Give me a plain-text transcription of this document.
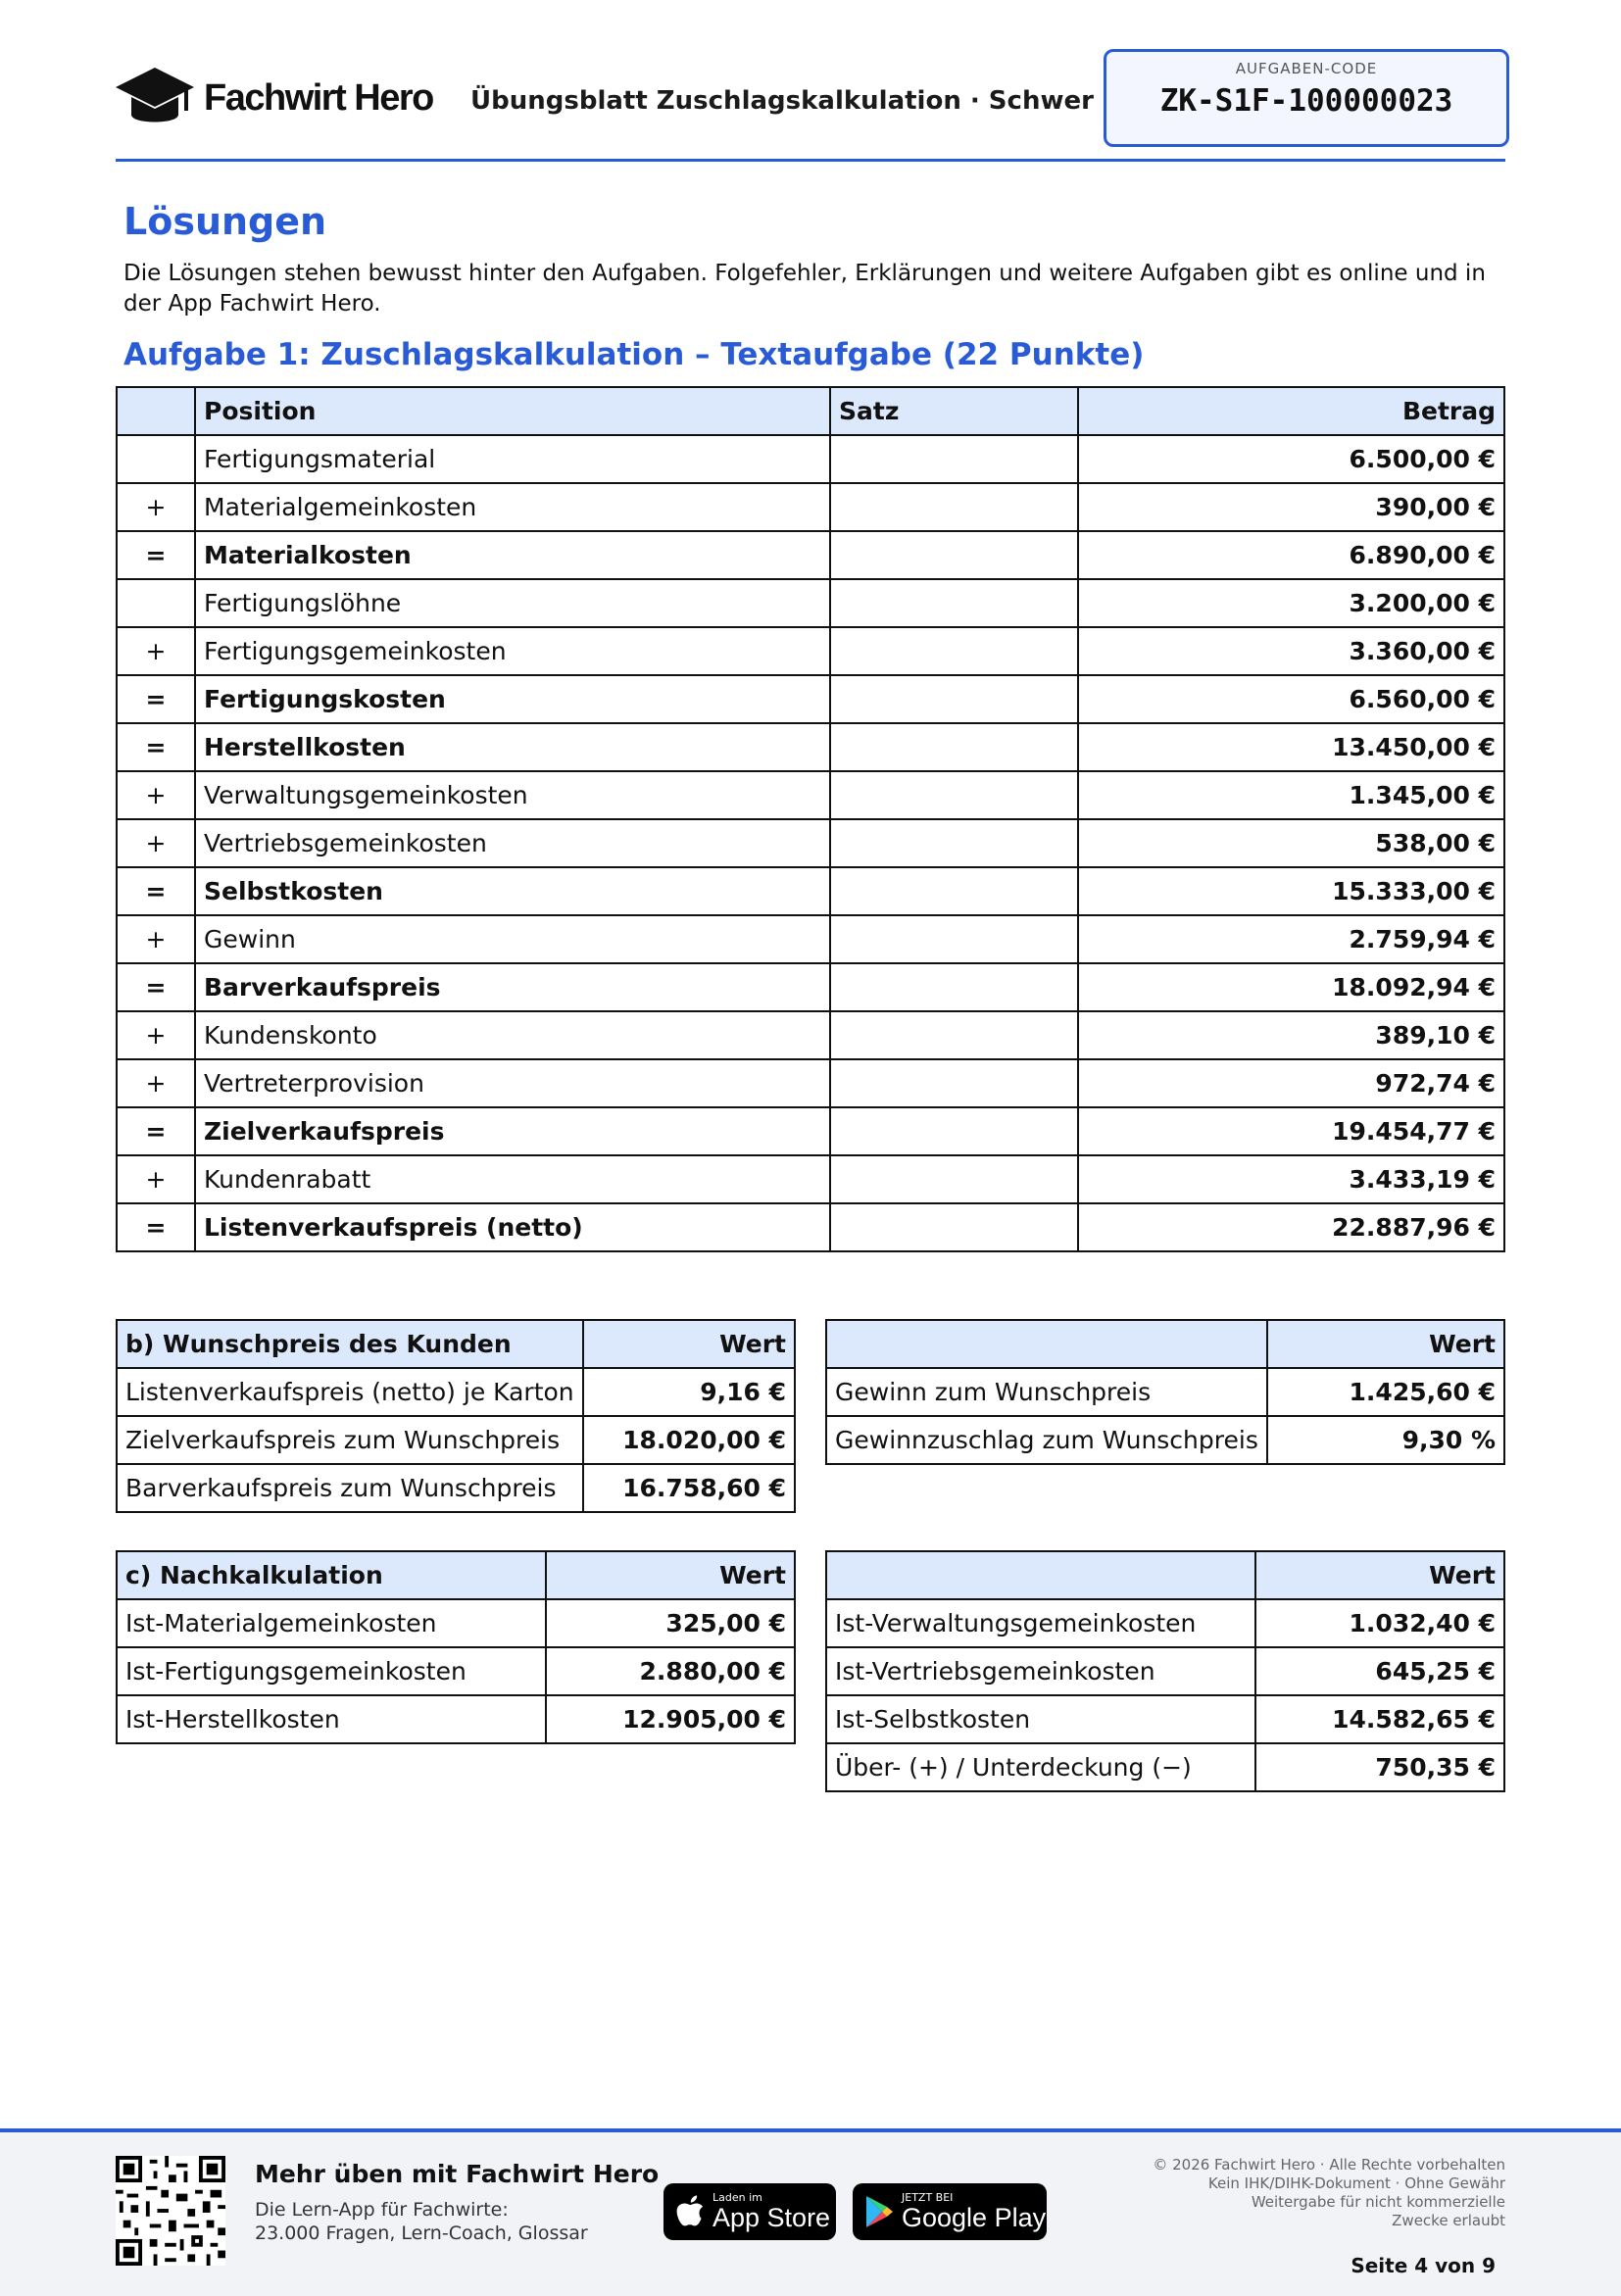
Fachwirt Hero Übungsblatt Zuschlagskalkulation · Schwer
AUFGABEN-CODE
ZK-S1F-100000023
Lösungen
Die Lösungen stehen bewusst hinter den Aufgaben. Folgefehler, Erklärungen und weitere Aufgaben gibt es online und in der App Fachwirt Hero.
Aufgabe 1: Zuschlagskalkulation – Textaufgabe (22 Punkte)
	Position	Satz	Betrag
	Fertigungsmaterial		6.500,00 €
+	Materialgemeinkosten		390,00 €
=	Materialkosten		6.890,00 €
	Fertigungslöhne		3.200,00 €
+	Fertigungsgemeinkosten		3.360,00 €
=	Fertigungskosten		6.560,00 €
=	Herstellkosten		13.450,00 €
+	Verwaltungsgemeinkosten		1.345,00 €
+	Vertriebsgemeinkosten		538,00 €
=	Selbstkosten		15.333,00 €
+	Gewinn		2.759,94 €
=	Barverkaufspreis		18.092,94 €
+	Kundenskonto		389,10 €
+	Vertreterprovision		972,74 €
=	Zielverkaufspreis		19.454,77 €
+	Kundenrabatt		3.433,19 €
=	Listenverkaufspreis (netto)		22.887,96 €
b) Wunschpreis des Kunden	Wert
Listenverkaufspreis (netto) je Karton	9,16 €
Zielverkaufspreis zum Wunschpreis	18.020,00 €
Barverkaufspreis zum Wunschpreis	16.758,60 €
	Wert
Gewinn zum Wunschpreis	1.425,60 €
Gewinnzuschlag zum Wunschpreis	9,30 %
c) Nachkalkulation	Wert
Ist-Materialgemeinkosten	325,00 €
Ist-Fertigungsgemeinkosten	2.880,00 €
Ist-Herstellkosten	12.905,00 €
	Wert
Ist-Verwaltungsgemeinkosten	1.032,40 €
Ist-Vertriebsgemeinkosten	645,25 €
Ist-Selbstkosten	14.582,65 €
Über- (+) / Unterdeckung (−)	750,35 €
Mehr üben mit Fachwirt Hero
Die Lern-App für Fachwirte:
23.000 Fragen, Lern-Coach, Glossar
Laden im
App Store
JETZT BEI
Google Play
© 2026 Fachwirt Hero · Alle Rechte vorbehalten
Kein IHK/DIHK-Dokument · Ohne Gewähr
Weitergabe für nicht kommerzielle
Zwecke erlaubt
Seite 4 von 9
